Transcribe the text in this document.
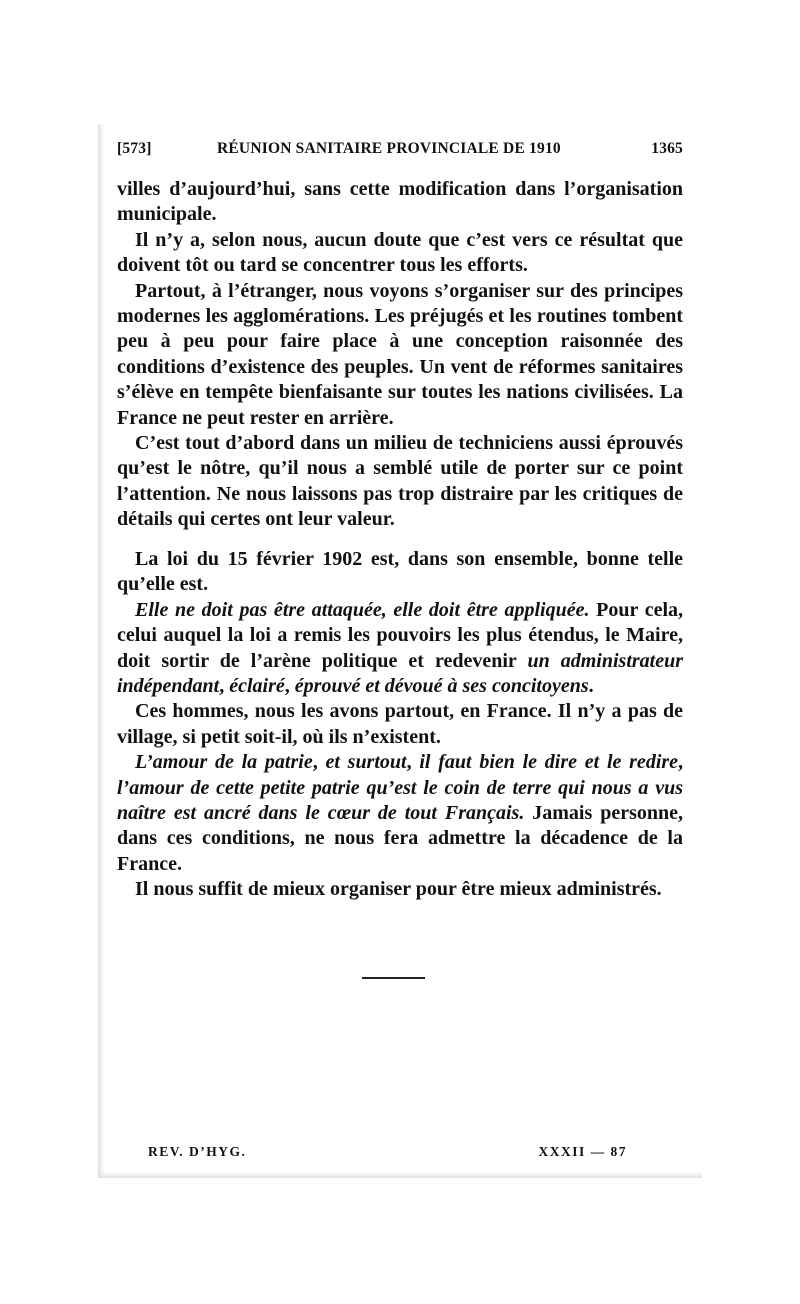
[573]	RÉUNION SANITAIRE PROVINCIALE DE 1910	1365

villes d’aujourd’hui, sans cette modification dans l’organisation municipale.

Il n’y a, selon nous, aucun doute que c’est vers ce résultat que doivent tôt ou tard se concentrer tous les efforts.

Partout, à l’étranger, nous voyons s’organiser sur des principes modernes les agglomérations. Les préjugés et les routines tombent peu à peu pour faire place à une conception raisonnée des conditions d’existence des peuples. Un vent de réformes sanitaires s’élève en tempête bienfaisante sur toutes les nations civilisées. La France ne peut rester en arrière.

C’est tout d’abord dans un milieu de techniciens aussi éprouvés qu’est le nôtre, qu’il nous a semblé utile de porter sur ce point l’attention. Ne nous laissons pas trop distraire par les critiques de détails qui certes ont leur valeur.

La loi du 15 février 1902 est, dans son ensemble, bonne telle qu’elle est.

Elle ne doit pas être attaquée, elle doit être appliquée. Pour cela, celui auquel la loi a remis les pouvoirs les plus étendus, le Maire, doit sortir de l’arène politique et redevenir un administrateur indépendant, éclairé, éprouvé et dévoué à ses concitoyens.

Ces hommes, nous les avons partout, en France. Il n’y a pas de village, si petit soit-il, où ils n’existent.

L’amour de la patrie, et surtout, il faut bien le dire et le redire, l’amour de cette petite patrie qu’est le coin de terre qui nous a vus naître est ancré dans le cœur de tout Français. Jamais personne, dans ces conditions, ne nous fera admettre la décadence de la France.

Il nous suffit de mieux organiser pour être mieux administrés.

REV. D’HYG.	XXXII — 87
